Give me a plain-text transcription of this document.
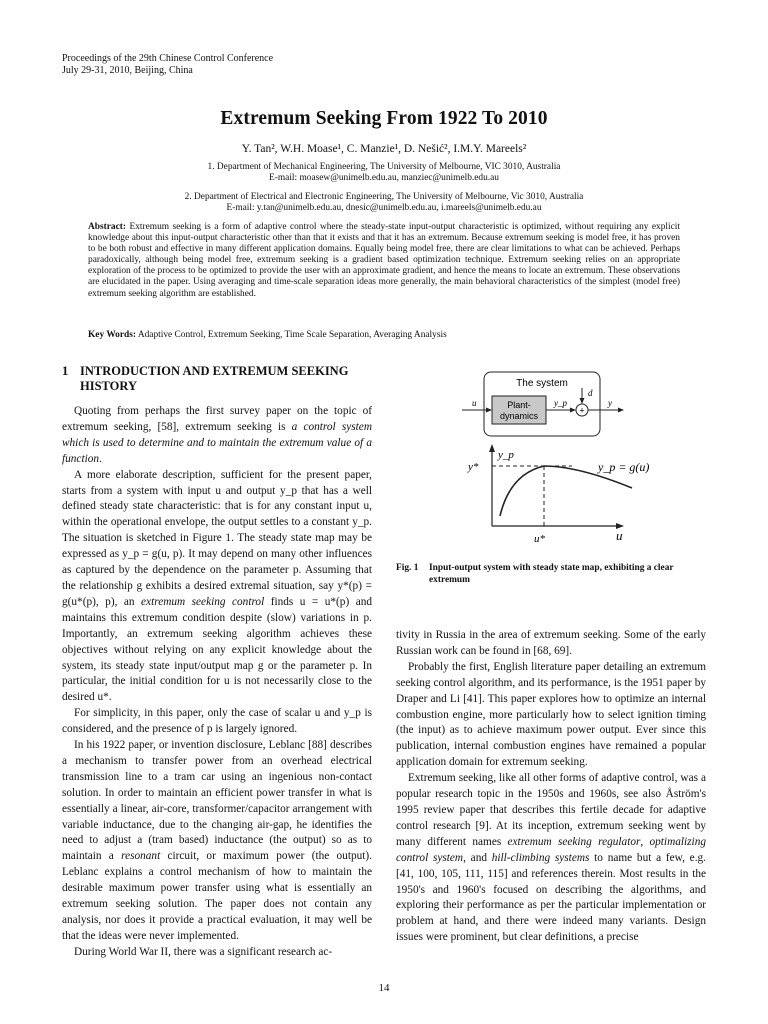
Proceedings of the 29th Chinese Control Conference
July 29-31, 2010, Beijing, China
Extremum Seeking From 1922 To 2010
Y. Tan², W.H. Moase¹, C. Manzie¹, D. Nešić², I.M.Y. Mareels²
1. Department of Mechanical Engineering, The University of Melbourne, VIC 3010, Australia
E-mail: moasew@unimelb.edu.au, manziec@unimelb.edu.au
2. Department of Electrical and Electronic Engineering, The University of Melbourne, Vic 3010, Australia
E-mail: y.tan@unimelb.edu.au, dnesic@unimelb.edu.au, i.mareels@unimelb.edu.au
Abstract: Extremum seeking is a form of adaptive control where the steady-state input-output characteristic is optimized, without requiring any explicit knowledge about this input-output characteristic other than that it exists and that it has an extremum. Because extremum seeking is model free, it has proven to be both robust and effective in many different application domains. Equally being model free, there are clear limitations to what can be achieved. Perhaps paradoxically, although being model free, extremum seeking is a gradient based optimization technique. Extremum seeking relies on an appropriate exploration of the process to be optimized to provide the user with an approximate gradient, and hence the means to locate an extremum. These observations are elucidated in the paper. Using averaging and time-scale separation ideas more generally, the main behavioral characteristics of the simplest (model free) extremum seeking algorithm are established.
Key Words: Adaptive Control, Extremum Seeking, Time Scale Separation, Averaging Analysis
1 INTRODUCTION AND EXTREMUM SEEKING HISTORY

Quoting from perhaps the first survey paper on the topic of extremum seeking, [58], extremum seeking is a control system which is used to determine and to maintain the extremum value of a function.

A more elaborate description, sufficient for the present paper, starts from a system with input u and output y_p that has a well defined steady state characteristic: that is for any constant input u, within the operational envelope, the output settles to a constant y_p. The situation is sketched in Figure 1. The steady state map may be expressed as y_p = g(u, p). It may depend on many other influences as captured by the dependence on the parameter p. Assuming that the relationship g exhibits a desired extremal situation, say y*(p) = g(u*(p), p), an extremum seeking control finds u = u*(p) and maintains this extremum condition despite (slow) variations in p. Importantly, an extremum seeking algorithm achieves these objectives without relying on any explicit knowledge about the system, its steady state input/output map g or the parameter p. In particular, the initial condition for u is not necessarily close to the desired u*.

For simplicity, in this paper, only the case of scalar u and y_p is considered, and the presence of p is largely ignored.

In his 1922 paper, or invention disclosure, Leblanc [88] describes a mechanism to transfer power from an overhead electrical transmission line to a tram car using an ingenious non-contact solution. In order to maintain an efficient power transfer in what is essentially a linear, air-core, transformer/capacitor arrangement with variable inductance, due to the changing air-gap, he identifies the need to adjust a (tram based) inductance (the output) so as to maintain a resonant circuit, or maximum power (the output). Leblanc explains a control mechanism of how to maintain the desirable maximum power transfer using what is essentially an extremum seeking solution. The paper does not contain any analysis, nor does it provide a practical evaluation, it may well be that the ideas were never implemented.

During World War II, there was a significant research ac-

The system
Plant-
dynamics
u	y_p
+
d
y
y_p
y*	y_p = g(u)
u*	u
Fig. 1 Input-output system with steady state map, exhibiting a clear extremum

tivity in Russia in the area of extremum seeking. Some of the early Russian work can be found in [68, 69].

Probably the first, English literature paper detailing an extremum seeking control algorithm, and its performance, is the 1951 paper by Draper and Li [41]. This paper explores how to optimize an internal combustion engine, more particularly how to select ignition timing (the input) as to achieve maximum power output. Ever since this publication, internal combustion engines have remained a popular application domain for extremum seeking.

Extremum seeking, like all other forms of adaptive control, was a popular research topic in the 1950s and 1960s, see also Åström's 1995 review paper that describes this fertile decade for adaptive control research [9]. At its inception, extremum seeking went by many different names extremum seeking regulator, optimalizing control system, and hill-climbing systems to name but a few, e.g. [41, 100, 105, 111, 115] and references therein. Most results in the 1950's and 1960's focused on describing the algorithms, and exploring their performance as per the particular implementation or problem at hand, and there were indeed many variants. Design issues were prominent, but clear definitions, a precise

14
